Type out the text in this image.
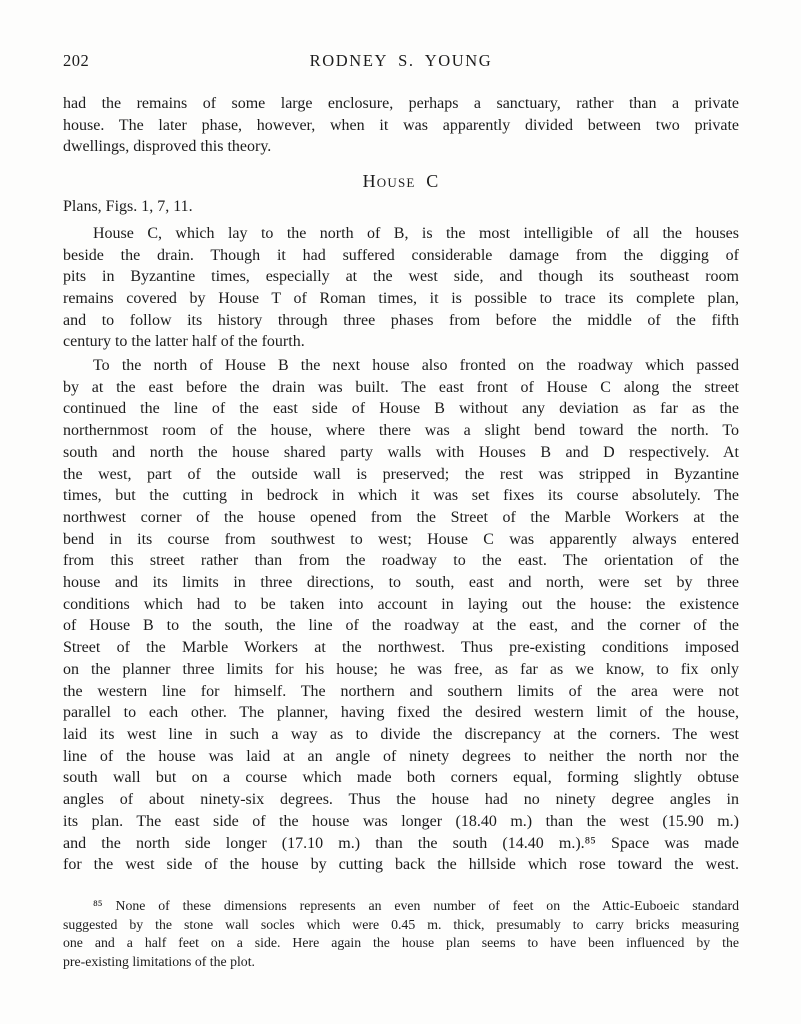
202	RODNEY S. YOUNG
had the remains of some large enclosure, perhaps a sanctuary, rather than a private
house. The later phase, however, when it was apparently divided between two private
dwellings, disproved this theory.
House C
Plans, Figs. 1, 7, 11.
House C, which lay to the north of B, is the most intelligible of all the houses
beside the drain. Though it had suffered considerable damage from the digging of
pits in Byzantine times, especially at the west side, and though its southeast room
remains covered by House T of Roman times, it is possible to trace its complete plan,
and to follow its history through three phases from before the middle of the fifth
century to the latter half of the fourth.
To the north of House B the next house also fronted on the roadway which passed
by at the east before the drain was built. The east front of House C along the street
continued the line of the east side of House B without any deviation as far as the
northernmost room of the house, where there was a slight bend toward the north. To
south and north the house shared party walls with Houses B and D respectively. At
the west, part of the outside wall is preserved; the rest was stripped in Byzantine
times, but the cutting in bedrock in which it was set fixes its course absolutely. The
northwest corner of the house opened from the Street of the Marble Workers at the
bend in its course from southwest to west; House C was apparently always entered
from this street rather than from the roadway to the east. The orientation of the
house and its limits in three directions, to south, east and north, were set by three
conditions which had to be taken into account in laying out the house: the existence
of House B to the south, the line of the roadway at the east, and the corner of the
Street of the Marble Workers at the northwest. Thus pre-existing conditions imposed
on the planner three limits for his house; he was free, as far as we know, to fix only
the western line for himself. The northern and southern limits of the area were not
parallel to each other. The planner, having fixed the desired western limit of the house,
laid its west line in such a way as to divide the discrepancy at the corners. The west
line of the house was laid at an angle of ninety degrees to neither the north nor the
south wall but on a course which made both corners equal, forming slightly obtuse
angles of about ninety-six degrees. Thus the house had no ninety degree angles in
its plan. The east side of the house was longer (18.40 m.) than the west (15.90 m.)
and the north side longer (17.10 m.) than the south (14.40 m.).⁸⁵ Space was made
for the west side of the house by cutting back the hillside which rose toward the west.
⁸⁵ None of these dimensions represents an even number of feet on the Attic-Euboeic standard
suggested by the stone wall socles which were 0.45 m. thick, presumably to carry bricks measuring
one and a half feet on a side. Here again the house plan seems to have been influenced by the
pre-existing limitations of the plot.
